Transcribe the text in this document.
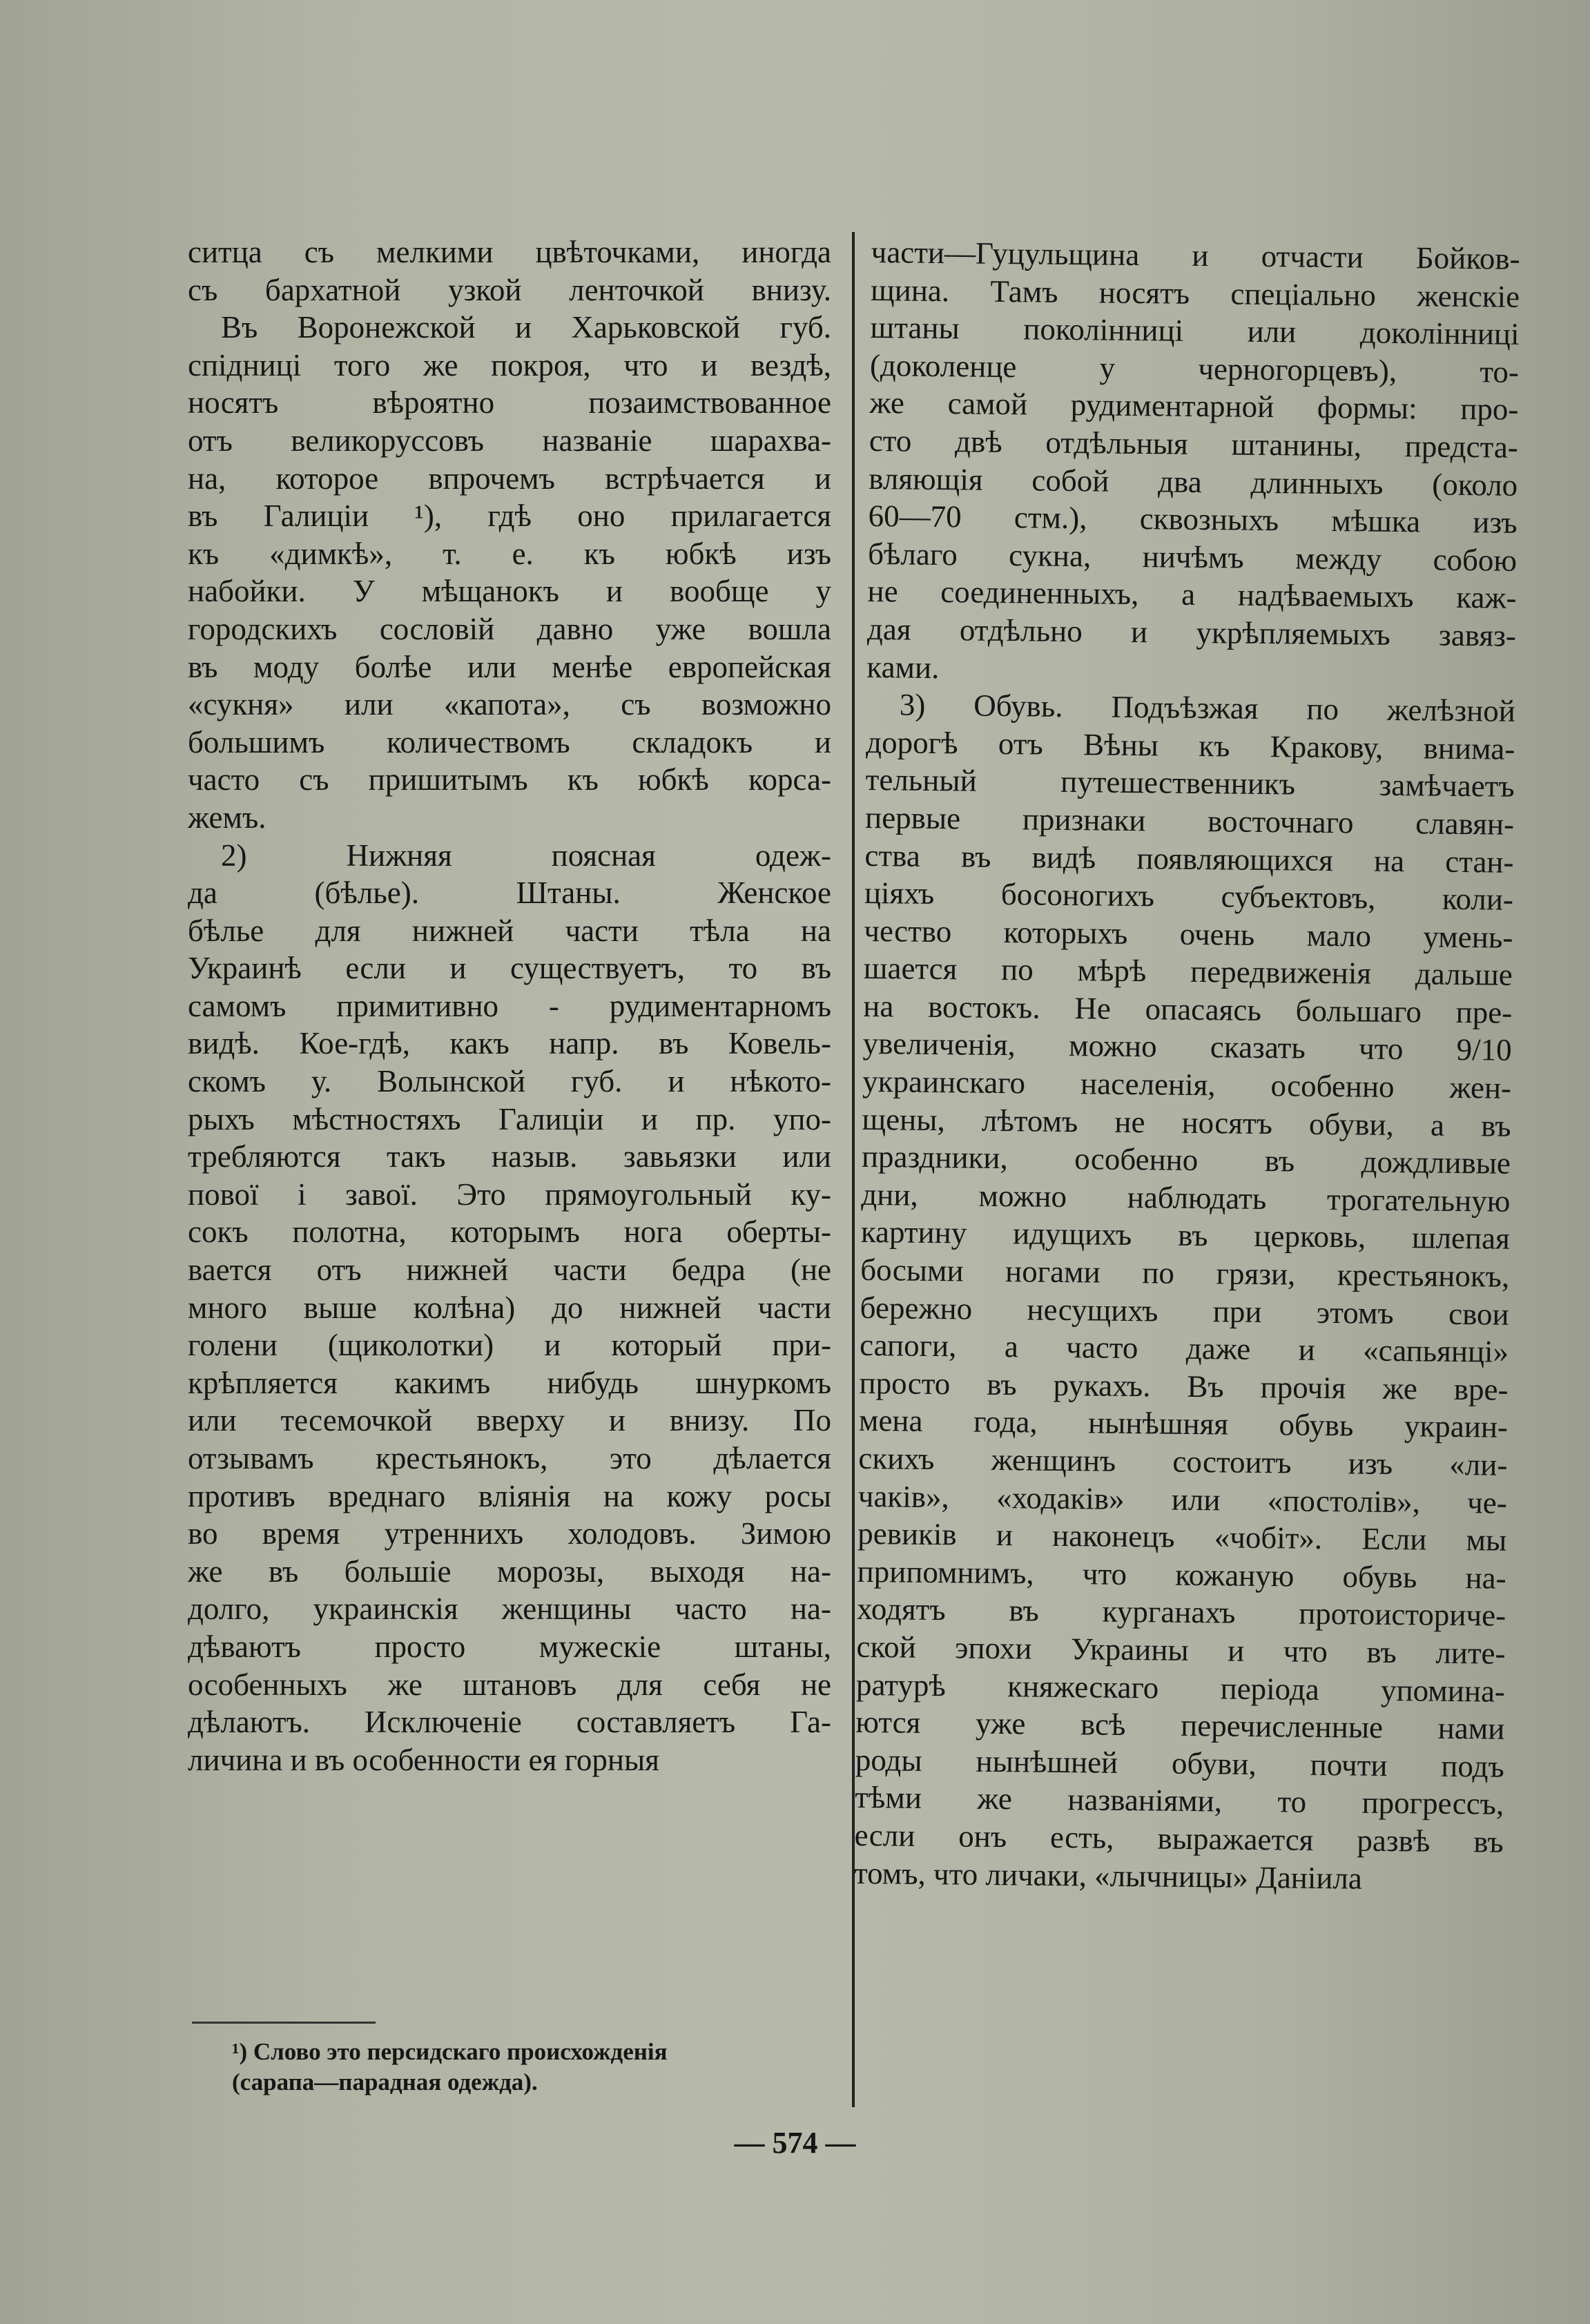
ситца съ мелкими цвѣточками, иногда
съ бархатной узкой ленточкой внизу.
Въ Воронежской и Харьковской губ.
спідниці того же покроя, что и вездѣ,
носятъ вѣроятно позаимствованное
отъ великоруссовъ названіе шарахва-
на, которое впрочемъ встрѣчается и
въ Галиціи ¹), гдѣ оно прилагается
къ «димкѣ», т. е. къ юбкѣ изъ
набойки. У мѣщанокъ и вообще у
городскихъ сословій давно уже вошла
въ моду болѣе или менѣе европейская
«сукня» или «капота», съ возможно
большимъ количествомъ складокъ и
часто съ пришитымъ къ юбкѣ корса-
жемъ.
2) Нижняя поясная одеж-
да (бѣлье). Штаны. Женское
бѣлье для нижней части тѣла на
Украинѣ если и существуетъ, то въ
самомъ примитивно - рудиментарномъ
видѣ. Кое-гдѣ, какъ напр. въ Ковель-
скомъ у. Волынской губ. и нѣкото-
рыхъ мѣстностяхъ Галиціи и пр. упо-
требляются такъ назыв. завьязки или
пової і завої. Это прямоугольный ку-
сокъ полотна, которымъ нога оберты-
вается отъ нижней части бедра (не
много выше колѣна) до нижней части
голени (щиколотки) и который при-
крѣпляется какимъ нибудь шнуркомъ
или тесемочкой вверху и внизу. По
отзывамъ крестьянокъ, это дѣлается
противъ вреднаго вліянія на кожу росы
во время утреннихъ холодовъ. Зимою
же въ большіе морозы, выходя на-
долго, украинскія женщины часто на-
дѣваютъ просто мужескіе штаны,
особенныхъ же штановъ для себя не
дѣлаютъ. Исключеніе составляетъ Га-
личина и въ особенности ея горныя
части—Гуцульщина и отчасти Бойков-
щина. Тамъ носятъ спеціально женскіе
штаны поколінниці или доколінниці
(доколенце у черногорцевъ), то-
же самой рудиментарной формы: про-
сто двѣ отдѣльныя штанины, предста-
вляющія собой два длинныхъ (около
60—70 стм.), сквозныхъ мѣшка изъ
бѣлаго сукна, ничѣмъ между собою
не соединенныхъ, а надѣваемыхъ каж-
дая отдѣльно и укрѣпляемыхъ завяз-
ками.
3) Обувь. Подъѣзжая по желѣзной
дорогѣ отъ Вѣны къ Кракову, внима-
тельный путешественникъ замѣчаетъ
первые признаки восточнаго славян-
ства въ видѣ появляющихся на стан-
ціяхъ босоногихъ субъектовъ, коли-
чество которыхъ очень мало умень-
шается по мѣрѣ передвиженія дальше
на востокъ. Не опасаясь большаго пре-
увеличенія, можно сказать что 9/10
украинскаго населенія, особенно жен-
щены, лѣтомъ не носятъ обуви, а въ
праздники, особенно въ дождливые
дни, можно наблюдать трогательную
картину идущихъ въ церковь, шлепая
босыми ногами по грязи, крестьянокъ,
бережно несущихъ при этомъ свои
сапоги, а часто даже и «сапьянці»
просто въ рукахъ. Въ прочія же вре-
мена года, нынѣшняя обувь украин-
скихъ женщинъ состоитъ изъ «ли-
чаків», «ходаків» или «постолів», че-
ревиків и наконецъ «чобіт». Если мы
припомнимъ, что кожаную обувь на-
ходятъ въ курганахъ протоисториче-
ской эпохи Украины и что въ лите-
ратурѣ княжескаго періода упомина-
ются уже всѣ перечисленные нами
роды нынѣшней обуви, почти подъ
тѣми же названіями, то прогрессъ,
если онъ есть, выражается развѣ въ
томъ, что личаки, «лычницы» Даніила
¹) Слово это персидскаго происхожденія
(сарапа—парадная одежда).
— 574 —
